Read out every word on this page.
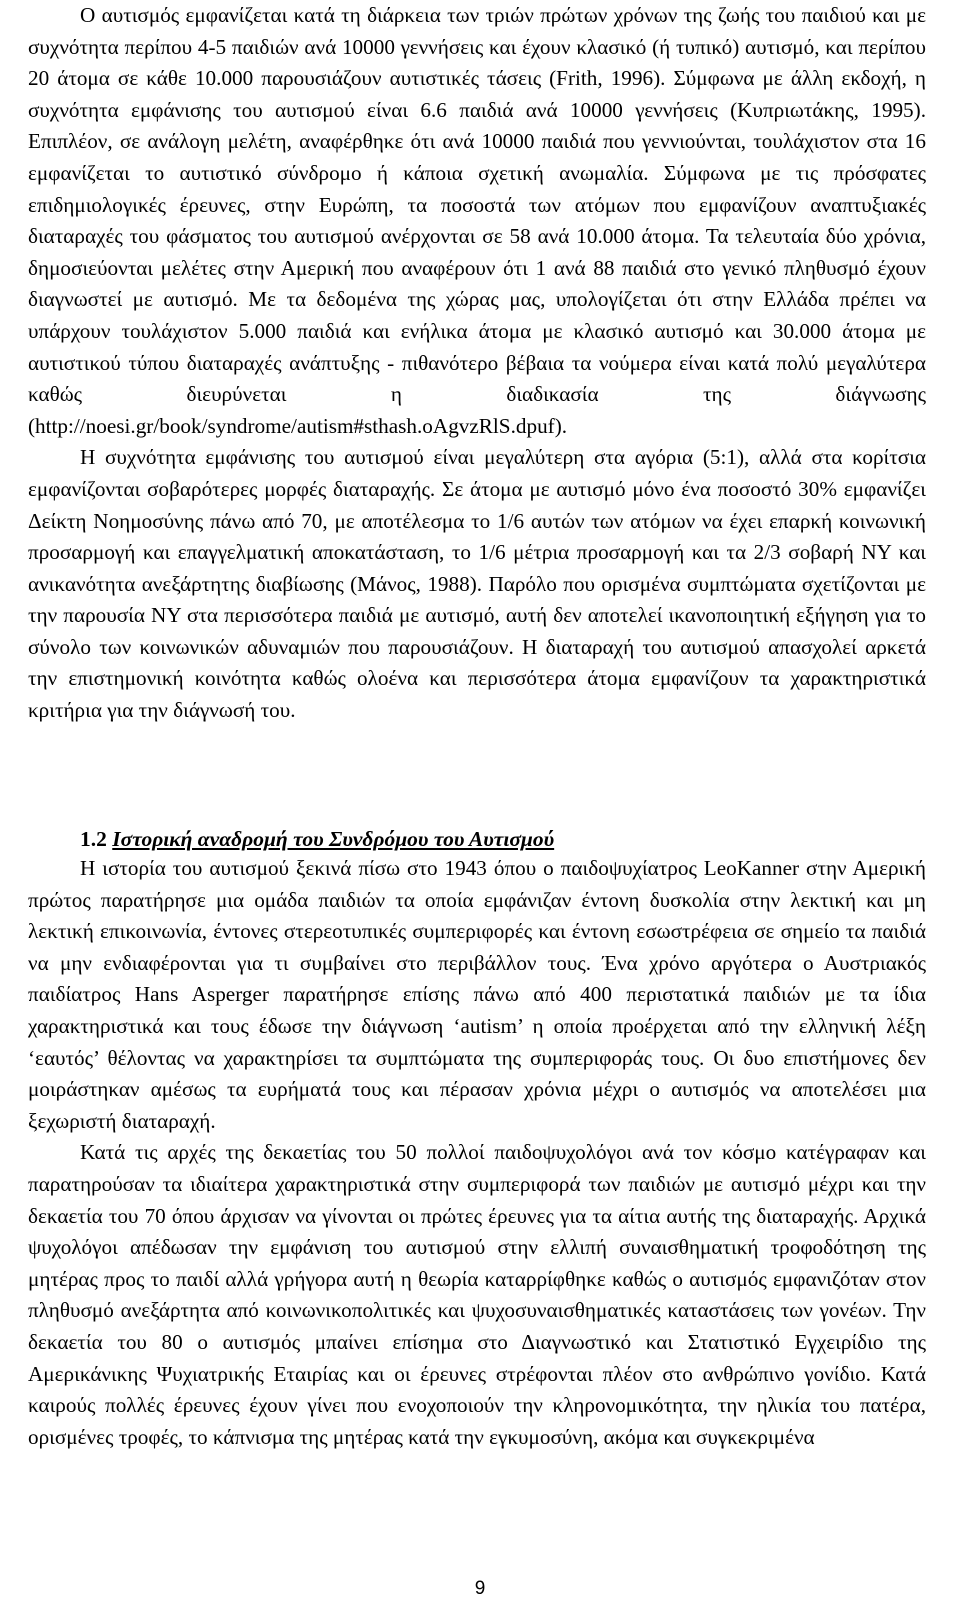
Ο αυτισμός εμφανίζεται κατά τη διάρκεια των τριών πρώτων χρόνων της ζωής του παιδιού και με συχνότητα περίπου 4-5 παιδιών ανά 10000 γεννήσεις και έχουν κλασικό (ή τυπικό) αυτισμό, και περίπου 20 άτομα σε κάθε 10.000 παρουσιάζουν αυτιστικές τάσεις (Frith, 1996). Σύμφωνα με άλλη εκδοχή, η συχνότητα εμφάνισης του αυτισμού είναι 6.6 παιδιά ανά 10000 γεννήσεις (Κυπριωτάκης, 1995). Επιπλέον, σε ανάλογη μελέτη, αναφέρθηκε ότι ανά 10000 παιδιά που γεννιούνται, τουλάχιστον στα 16 εμφανίζεται το αυτιστικό σύνδρομο ή κάποια σχετική ανωμαλία. Σύμφωνα με τις πρόσφατες επιδημιολογικές έρευνες, στην Ευρώπη, τα ποσοστά των ατόμων που εμφανίζουν αναπτυξιακές διαταραχές του φάσματος του αυτισμού ανέρχονται σε 58 ανά 10.000 άτομα. Τα τελευταία δύο χρόνια, δημοσιεύονται μελέτες στην Αμερική που αναφέρουν ότι 1 ανά 88 παιδιά στο γενικό πληθυσμό έχουν διαγνωστεί με αυτισμό. Με τα δεδομένα της χώρας μας, υπολογίζεται ότι στην Ελλάδα πρέπει να υπάρχουν τουλάχιστον 5.000 παιδιά και ενήλικα άτομα με κλασικό αυτισμό και 30.000 άτομα με αυτιστικού τύπου διαταραχές ανάπτυξης - πιθανότερο βέβαια τα νούμερα είναι κατά πολύ μεγαλύτερα καθώς διευρύνεται η διαδικασία της διάγνωσης (http://noesi.gr/book/syndrome/autism#sthash.oAgvzRlS.dpuf).

Η συχνότητα εμφάνισης του αυτισμού είναι μεγαλύτερη στα αγόρια (5:1), αλλά στα κορίτσια εμφανίζονται σοβαρότερες μορφές διαταραχής. Σε άτομα με αυτισμό μόνο ένα ποσοστό 30% εμφανίζει Δείκτη Νοημοσύνης πάνω από 70, με αποτέλεσμα το 1/6 αυτών των ατόμων να έχει επαρκή κοινωνική προσαρμογή και επαγγελματική αποκατάσταση, το 1/6 μέτρια προσαρμογή και τα 2/3 σοβαρή ΝΥ και ανικανότητα ανεξάρτητης διαβίωσης (Μάνος, 1988). Παρόλο που ορισμένα συμπτώματα σχετίζονται με την παρουσία ΝΥ στα περισσότερα παιδιά με αυτισμό, αυτή δεν αποτελεί ικανοποιητική εξήγηση για το σύνολο των κοινωνικών αδυναμιών που παρουσιάζουν. Η διαταραχή του αυτισμού απασχολεί αρκετά την επιστημονική κοινότητα καθώς ολοένα και περισσότερα άτομα εμφανίζουν τα χαρακτηριστικά κριτήρια για την διάγνωσή του.

1.2 Ιστορική αναδρομή του Συνδρόμου του Αυτισμού

Η ιστορία του αυτισμού ξεκινά πίσω στο 1943 όπου ο παιδοψυχίατρος LeoKanner στην Αμερική πρώτος παρατήρησε μια ομάδα παιδιών τα οποία εμφάνιζαν έντονη δυσκολία στην λεκτική και μη λεκτική επικοινωνία, έντονες στερεοτυπικές συμπεριφορές και έντονη εσωστρέφεια σε σημείο τα παιδιά να μην ενδιαφέρονται για τι συμβαίνει στο περιβάλλον τους. Ένα χρόνο αργότερα ο Αυστριακός παιδίατρος Hans Asperger παρατήρησε επίσης πάνω από 400 περιστατικά παιδιών με τα ίδια χαρακτηριστικά και τους έδωσε την διάγνωση ‘autism’ η οποία προέρχεται από την ελληνική λέξη ‘εαυτός’ θέλοντας να χαρακτηρίσει τα συμπτώματα της συμπεριφοράς τους. Οι δυο επιστήμονες δεν μοιράστηκαν αμέσως τα ευρήματά τους και πέρασαν χρόνια μέχρι ο αυτισμός να αποτελέσει μια ξεχωριστή διαταραχή.

Κατά τις αρχές της δεκαετίας του 50 πολλοί παιδοψυχολόγοι ανά τον κόσμο κατέγραφαν και παρατηρούσαν τα ιδιαίτερα χαρακτηριστικά στην συμπεριφορά των παιδιών με αυτισμό μέχρι και την δεκαετία του 70 όπου άρχισαν να γίνονται οι πρώτες έρευνες για τα αίτια αυτής της διαταραχής. Αρχικά ψυχολόγοι απέδωσαν την εμφάνιση του αυτισμού στην ελλιπή συναισθηματική τροφοδότηση της μητέρας προς το παιδί αλλά γρήγορα αυτή η θεωρία καταρρίφθηκε καθώς ο αυτισμός εμφανιζόταν στον πληθυσμό ανεξάρτητα από κοινωνικοπολιτικές και ψυχοσυναισθηματικές καταστάσεις των γονέων. Την δεκαετία του 80 ο αυτισμός μπαίνει επίσημα στο Διαγνωστικό και Στατιστικό Εγχειρίδιο της Αμερικάνικης Ψυχιατρικής Εταιρίας και οι έρευνες στρέφονται πλέον στο ανθρώπινο γονίδιο. Κατά καιρούς πολλές έρευνες έχουν γίνει που ενοχοποιούν την κληρονομικότητα, την ηλικία του πατέρα, ορισμένες τροφές, το κάπνισμα της μητέρας κατά την εγκυμοσύνη, ακόμα και συγκεκριμένα

9
